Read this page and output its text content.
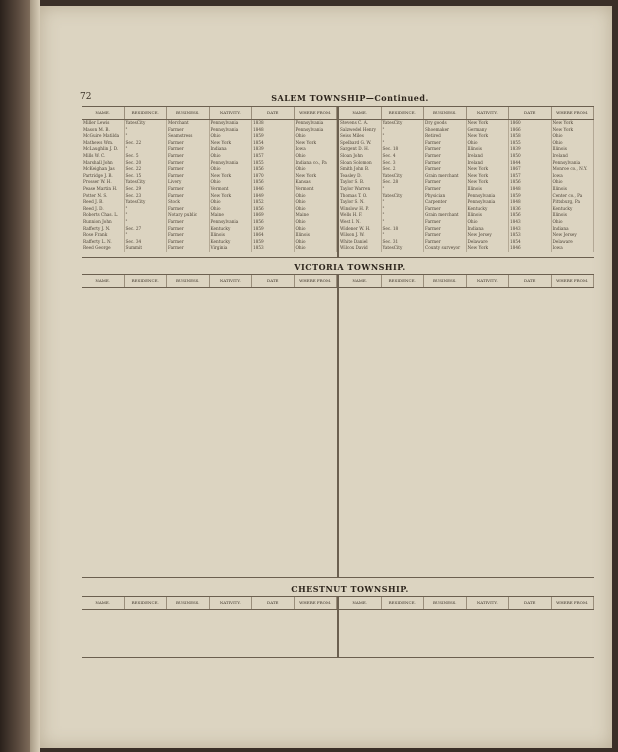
72	SALEM TOWNSHIP—Continued.
NAME.	RESIDENCE.	BUSINESS.	NATIVITY.	DATE	WHERE FROM.
Miller Lewis	YatesCity	Merchant	Pennsylvania	1838	Pennsylvania
Mason M. B.	"	Farmer	Pennsylvania	1848	Pennsylvania
McGuire Matilda	"	Seamstress	Ohio	1859	Ohio
Mathews Wm.	Sec. 22	Farmer	New York	1854	New York
McLaughlin J. D.	"	Farmer	Indiana	1839	Iowa
Mills W. C.	Sec. 5	Farmer	Ohio	1857	Ohio
Marshall John	Sec. 20	Farmer	Pennsylvania	1855	Indiana co., Pa
McKeighan Jas	Sec. 22	Farmer	Ohio	1856	Ohio
Partridge J. B.	Sec. 15	Farmer	New York	1870	New York
Prosser W. H.	YatesCity	Livery	Ohio	1856	Kansas
Pease Martin H.	Sec. 29	Farmer	Vermont	1846	Vermont
Potter N. S.	Sec. 23	Farmer	New York	1849	Ohio
Reed J. B.	YatesCity	Stock	Ohio	1852	Ohio
Reed J. D.	"	Farmer	Ohio	1856	Ohio
Roberts Chas. L.	"	Notary public	Maine	1869	Maine
Runnion John	"	Farmer	Pennsylvania	1856	Ohio
Rafferty J. N.	Sec. 27	Farmer	Kentucky	1859	Ohio
Rose Frank	"	Farmer	Illinois	1864	Illinois
Rafferty L. N.	Sec. 34	Farmer	Kentucky	1859	Ohio
Reed George	Summit	Farmer	Virginia	1853	Ohio
NAME.	RESIDENCE.	BUSINESS.	NATIVITY.	DATE	WHERE FROM.
Stevens C. A.	YatesCity	Dry goods	New York	1860	New York
Salzwedel Henry	"	Shoemaker	Germany	1866	New York
Seiss Miles	"	Retired	New York	1858	Ohio
Spelbard G. W.	"	Farmer	Ohio	1855	Ohio
Sargent D. H.	Sec. 18	Farmer	Illinois	1839	Illinois
Sloan John	Sec. 4	Farmer	Ireland	1850	Ireland
Sloan Solomon	Sec. 3	Farmer	Ireland	1844	Pennsylvania
Smith John B.	Sec. 2	Farmer	New York	1867	Monroe co., N.Y.
Teasley D.	YatesCity	Grain merchant	New York	1857	Iowa
Taylor S. B.	Sec. 28	Farmer	New York	1856	Ohio
Taylor Warren	"	Farmer	Illinois	1848	Illinois
Thomas T. O.	YatesCity	Physician	Pennsylvania	1859	Center co., Pa
Taylor S. N.	"	Carpenter	Pennsylvania	1848	Pittsburg, Pa
Winslow H. P.	"	Farmer	Kentucky	1836	Kentucky
Wells H. F.	"	Grain merchant	Illinois	1856	Illinois
West I. N.	"	Farmer	Ohio	1843	Ohio
Widener W. H.	Sec. 18	Farmer	Indiana	1843	Indiana
Wilson J. W.	"	Farmer	New Jersey	1853	New Jersey
White Daniel	Sec. 31	Farmer	Delaware	1854	Delaware
Wilcox David	YatesCity	County surveyor	New York	1846	Iowa
VICTORIA TOWNSHIP.
NAME.	RESIDENCE.	BUSINESS.	NATIVITY.	DATE	WHERE FROM.	NAME.	RESIDENCE.	BUSINESS.	NATIVITY.	DATE	WHERE FROM.
CHESTNUT TOWNSHIP.
NAME.	RESIDENCE.	BUSINESS.	NATIVITY.	DATE	WHERE FROM.	NAME.	RESIDENCE.	BUSINESS.	NATIVITY.	DATE	WHERE FROM.
